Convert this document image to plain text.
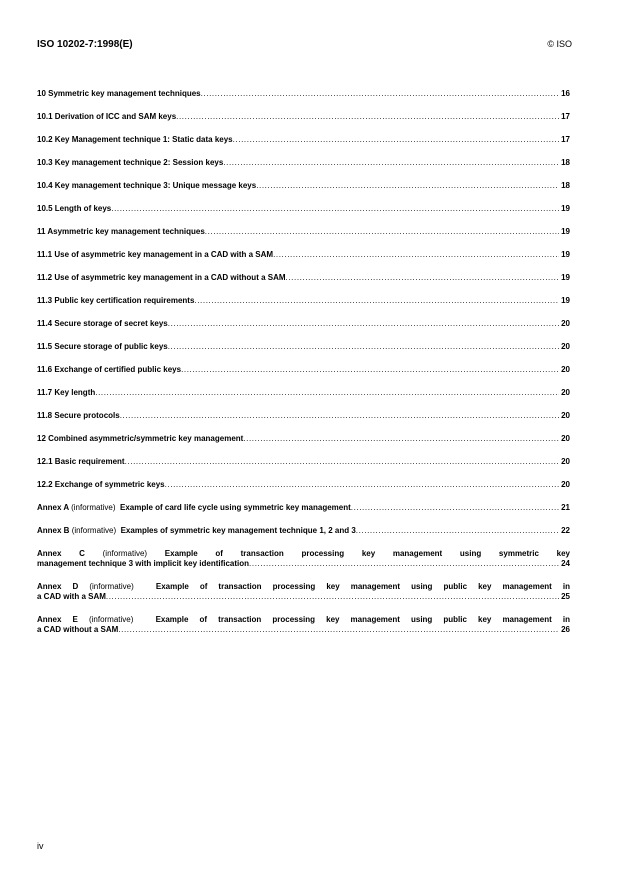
ISO 10202-7:1998(E)	© ISO
10 Symmetric key management techniques .....	16
10.1 Derivation of ICC and SAM keys .....	17
10.2 Key Management technique 1: Static data keys .....	17
10.3 Key management technique 2: Session keys .....	18
10.4 Key management technique 3: Unique message keys .....	18
10.5 Length of keys .....	19
11 Asymmetric key management techniques .....	19
11.1 Use of asymmetric key management in a CAD with a SAM .....	19
11.2 Use of asymmetric key management in a CAD without a SAM .....	19
11.3 Public key certification requirements .....	19
11.4 Secure storage of secret keys .....	20
11.5 Secure storage of public keys .....	20
11.6 Exchange of certified public keys .....	20
11.7 Key length .....	20
11.8 Secure protocols .....	20
12 Combined asymmetric/symmetric key management .....	20
12.1 Basic requirement .....	20
12.2 Exchange of symmetric keys .....	20
Annex A (informative) Example of card life cycle using symmetric key management .....	21
Annex B (informative) Examples of symmetric key management technique 1, 2 and 3 .....	22
Annex C (informative) Example of transaction processing key management using symmetric key
management technique 3 with implicit key identification .....	24
Annex D (informative)	Example of transaction processing key management using public key management in
a CAD with a SAM .....	25
Annex E (informative)	Example of transaction processing key management using public key management in
a CAD without a SAM .....	26
iv
